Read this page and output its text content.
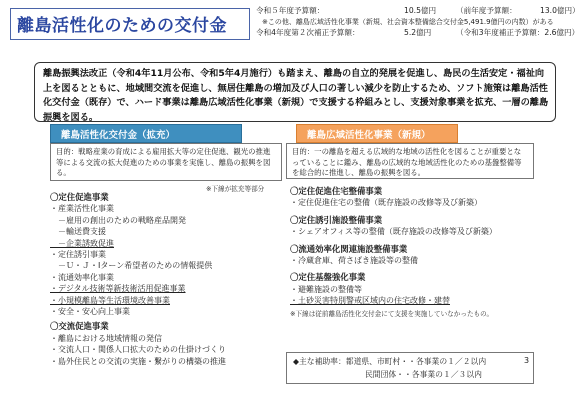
離島活性化のための交付金
令和５年度予算額：	10.5億円	（前年度予算額：	13.0億円）
※この他、離島広域活性化事業（新規、社会資本整備総合交付金5,491.9億円の内数）がある
令和4年度第２次補正予算額：	5.2億円	（令和3年度補正予算額：2.6億円）
離島振興法改正（令和4年11月公布、令和5年4月施行）も踏まえ、離島の自立的発展を促進し、島民の生活安定・福祉向上を図るとともに、地域間交流を促進し、無居住離島の増加及び人口の著しい減少を防止するため、ソフト施策は離島活性化交付金（既存）で、ハード事業は離島広域活性化事業（新規）で支援する枠組みとし、支援対象事業を拡充、一層の離島振興を図る。
離島活性化交付金（拡充）
目的：戦略産業の育成による雇用拡大等の定住促進、観光の推進等による交流の拡大促進のための事業を実施し、離島の振興を図る。
※下線が拡充等部分
〇定住促進事業
・産業活性化事業
　－雇用の創出のための戦略産品開発
　－輸送費支援
　－企業誘致促進
・定住誘引事業
　－Ｕ・Ｊ・Iターン希望者のための情報提供
・流通効率化事業
・デジタル技術等新技術活用促進事業
・小規模離島等生活環境改善事業
・安全・安心向上事業
〇交流促進事業
・離島における地域情報の発信
・交流人口・関係人口拡大のための仕掛けづくり
・島外住民との交流の実施・繋がりの構築の推進
離島広域活性化事業（新規）
目的：一の離島を超える広域的な地域の活性化を図ることが重要となっていることに鑑み、離島の広域的な地域活性化のための基盤整備等を総合的に推進し、離島の振興を図る。
〇定住促進住宅整備事業
・定住促進住宅の整備（既存施設の改修等及び新築）
〇定住誘引施設整備事業
・シェアオフィス等の整備（既存施設の改修等及び新築）
〇流通効率化関連施設整備事業
・冷蔵倉庫、荷さばき施設等の整備
〇定住基盤強化事業
・避難施設の整備等
・土砂災害特別警戒区域内の住宅改修・建替
※下線は従前離島活性化交付金にて支援を実施していなかったもの。
◆主な補助率：都道県、市町村・・各事業の１／２以内
民間団体・・各事業の１／３以内
3
